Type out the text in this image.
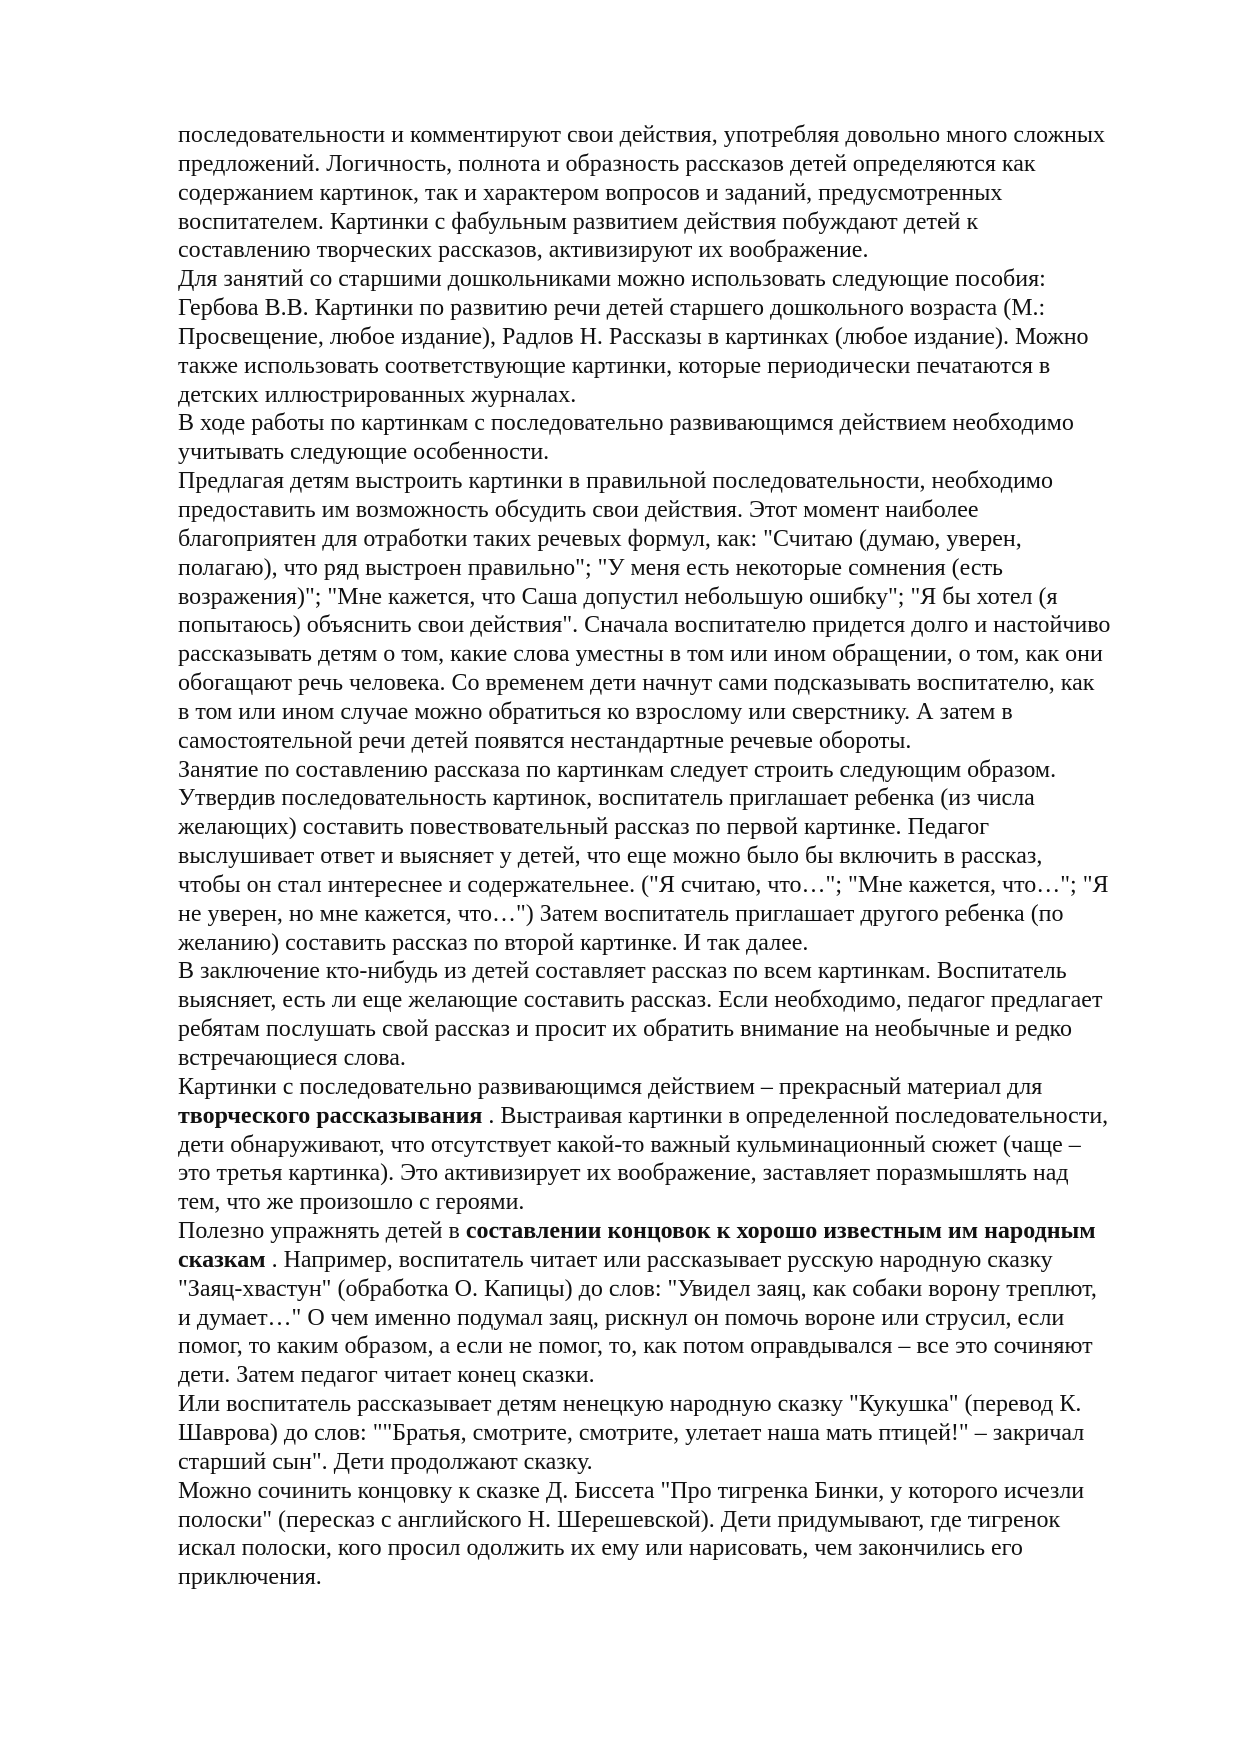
последовательности и комментируют свои действия, употребляя довольно много сложных
предложений. Логичность, полнота и образность рассказов детей определяются как
содержанием картинок, так и характером вопросов и заданий, предусмотренных
воспитателем. Картинки с фабульным развитием действия побуждают детей к
составлению творческих рассказов, активизируют их воображение.
Для занятий со старшими дошкольниками можно использовать следующие пособия:
Гербова В.В. Картинки по развитию речи детей старшего дошкольного возраста (М.:
Просвещение, любое издание), Радлов Н. Рассказы в картинках (любое издание). Можно
также использовать соответствующие картинки, которые периодически печатаются в
детских иллюстрированных журналах.
В ходе работы по картинкам с последовательно развивающимся действием необходимо
учитывать следующие особенности.
Предлагая детям выстроить картинки в правильной последовательности, необходимо
предоставить им возможность обсудить свои действия. Этот момент наиболее
благоприятен для отработки таких речевых формул, как: "Считаю (думаю, уверен,
полагаю), что ряд выстроен правильно"; "У меня есть некоторые сомнения (есть
возражения)"; "Мне кажется, что Саша допустил небольшую ошибку"; "Я бы хотел (я
попытаюсь) объяснить свои действия". Сначала воспитателю придется долго и настойчиво
рассказывать детям о том, какие слова уместны в том или ином обращении, о том, как они
обогащают речь человека. Со временем дети начнут сами подсказывать воспитателю, как
в том или ином случае можно обратиться ко взрослому или сверстнику. А затем в
самостоятельной речи детей появятся нестандартные речевые обороты.
Занятие по составлению рассказа по картинкам следует строить следующим образом.
Утвердив последовательность картинок, воспитатель приглашает ребенка (из числа
желающих) составить повествовательный рассказ по первой картинке. Педагог
выслушивает ответ и выясняет у детей, что еще можно было бы включить в рассказ,
чтобы он стал интереснее и содержательнее. ("Я считаю, что…"; "Мне кажется, что…"; "Я
не уверен, но мне кажется, что…") Затем воспитатель приглашает другого ребенка (по
желанию) составить рассказ по второй картинке. И так далее.
В заключение кто-нибудь из детей составляет рассказ по всем картинкам. Воспитатель
выясняет, есть ли еще желающие составить рассказ. Если необходимо, педагог предлагает
ребятам послушать свой рассказ и просит их обратить внимание на необычные и редко
встречающиеся слова.
Картинки с последовательно развивающимся действием – прекрасный материал для
творческого рассказывания . Выстраивая картинки в определенной последовательности,
дети обнаруживают, что отсутствует какой-то важный кульминационный сюжет (чаще –
это третья картинка). Это активизирует их воображение, заставляет поразмышлять над
тем, что же произошло с героями.
Полезно упражнять детей в составлении концовок к хорошо известным им народным
сказкам . Например, воспитатель читает или рассказывает русскую народную сказку
"Заяц-хвастун" (обработка О. Капицы) до слов: "Увидел заяц, как собаки ворону треплют,
и думает…" О чем именно подумал заяц, рискнул он помочь вороне или струсил, если
помог, то каким образом, а если не помог, то, как потом оправдывался – все это сочиняют
дети. Затем педагог читает конец сказки.
Или воспитатель рассказывает детям ненецкую народную сказку "Кукушка" (перевод К.
Шаврова) до слов: ""Братья, смотрите, смотрите, улетает наша мать птицей!" – закричал
старший сын". Дети продолжают сказку.
Можно сочинить концовку к сказке Д. Биссета "Про тигренка Бинки, у которого исчезли
полоски" (пересказ с английского Н. Шерешевской). Дети придумывают, где тигренок
искал полоски, кого просил одолжить их ему или нарисовать, чем закончились его
приключения.
